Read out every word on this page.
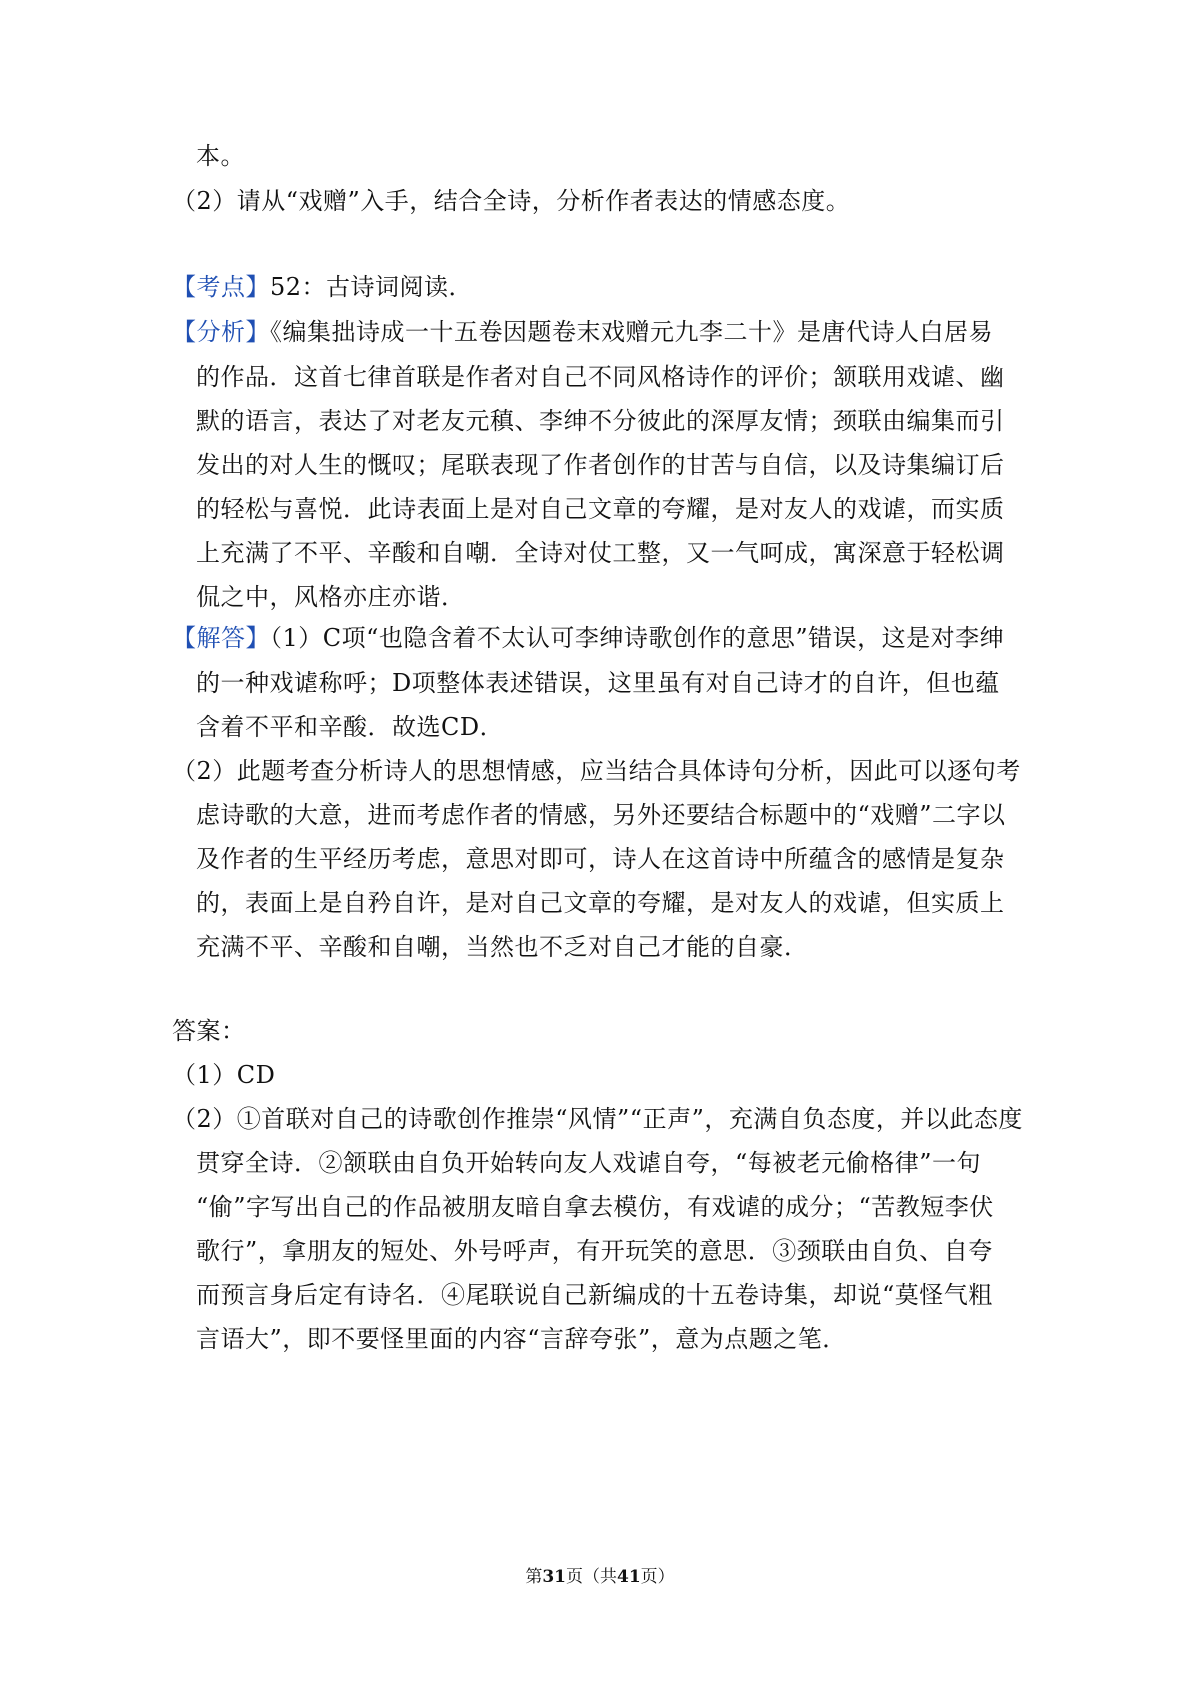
本。
（2）请从“戏赠”入手，结合全诗，分析作者表达的情感态度。
【考点】52：古诗词阅读．
【分析】《编集拙诗成一十五卷因题卷末戏赠元九李二十》是唐代诗人白居易
的作品．这首七律首联是作者对自己不同风格诗作的评价；颔联用戏谑、幽
默的语言，表达了对老友元稹、李绅不分彼此的深厚友情；颈联由编集而引
发出的对人生的慨叹；尾联表现了作者创作的甘苦与自信，以及诗集编订后
的轻松与喜悦．此诗表面上是对自己文章的夸耀，是对友人的戏谑，而实质
上充满了不平、辛酸和自嘲．全诗对仗工整，又一气呵成，寓深意于轻松调
侃之中，风格亦庄亦谐．
【解答】（1）C项“也隐含着不太认可李绅诗歌创作的意思”错误，这是对李绅
的一种戏谑称呼；D项整体表述错误，这里虽有对自己诗才的自许，但也蕴
含着不平和辛酸．故选CD．
（2）此题考查分析诗人的思想情感，应当结合具体诗句分析，因此可以逐句考
虑诗歌的大意，进而考虑作者的情感，另外还要结合标题中的“戏赠”二字以
及作者的生平经历考虑，意思对即可，诗人在这首诗中所蕴含的感情是复杂
的，表面上是自矜自许，是对自己文章的夸耀，是对友人的戏谑，但实质上
充满不平、辛酸和自嘲，当然也不乏对自己才能的自豪．
答案：
（1）CD
（2）①首联对自己的诗歌创作推崇“风情”“正声”，充满自负态度，并以此态度
贯穿全诗．②颔联由自负开始转向友人戏谑自夸，“每被老元偷格律”一句
“偷”字写出自己的作品被朋友暗自拿去模仿，有戏谑的成分；“苦教短李伏
歌行”，拿朋友的短处、外号呼声，有开玩笑的意思．③颈联由自负、自夸
而预言身后定有诗名．④尾联说自己新编成的十五卷诗集，却说“莫怪气粗
言语大”，即不要怪里面的内容“言辞夸张”，意为点题之笔．
第31页（共41页）
